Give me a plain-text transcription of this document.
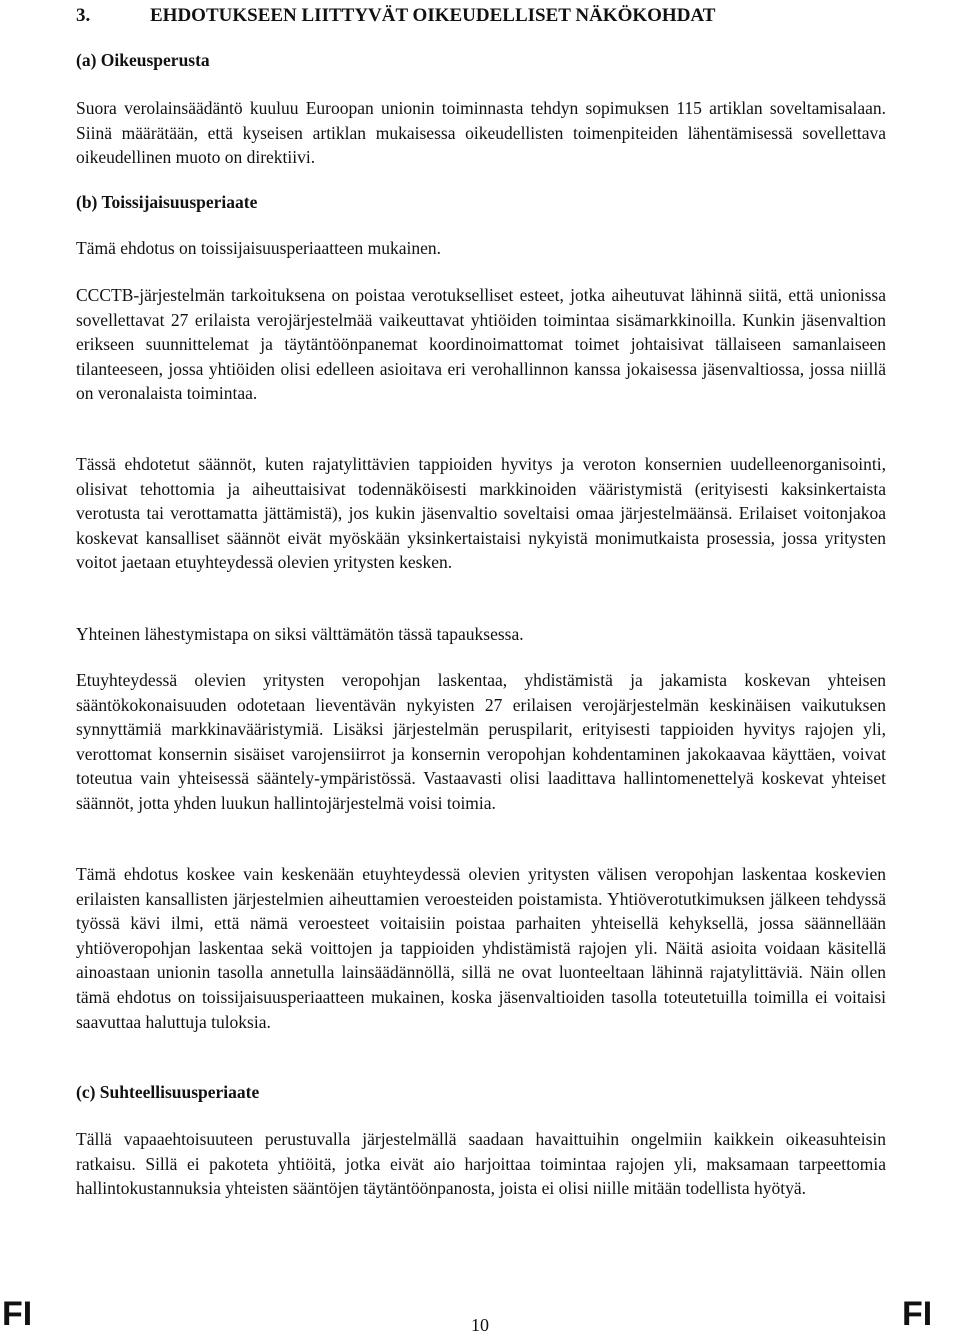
3.	EHDOTUKSEEN LIITTYVÄT OIKEUDELLISET NÄKÖKOHDAT
(a) Oikeusperusta
Suora verolainsäädäntö kuuluu Euroopan unionin toiminnasta tehdyn sopimuksen 115 artiklan soveltamisalaan. Siinä määrätään, että kyseisen artiklan mukaisessa oikeudellisten toimenpiteiden lähentämisessä sovellettava oikeudellinen muoto on direktiivi.
(b) Toissijaisuusperiaate
Tämä ehdotus on toissijaisuusperiaatteen mukainen.
CCCTB-järjestelmän tarkoituksena on poistaa verotukselliset esteet, jotka aiheutuvat lähinnä siitä, että unionissa sovellettavat 27 erilaista verojärjestelmää vaikeuttavat yhtiöiden toimintaa sisämarkkinoilla. Kunkin jäsenvaltion erikseen suunnittelemat ja täytäntöönpanemat koordinoimattomat toimet johtaisivat tällaiseen samanlaiseen tilanteeseen, jossa yhtiöiden olisi edelleen asioitava eri verohallinnon kanssa jokaisessa jäsenvaltiossa, jossa niillä on veronalaista toimintaa.
Tässä ehdotetut säännöt, kuten rajatylittävien tappioiden hyvitys ja veroton konsernien uudelleenorganisointi, olisivat tehottomia ja aiheuttaisivat todennäköisesti markkinoiden vääristymistä (erityisesti kaksinkertaista verotusta tai verottamatta jättämistä), jos kukin jäsenvaltio soveltaisi omaa järjestelmäänsä. Erilaiset voitonjakoa koskevat kansalliset säännöt eivät myöskään yksinkertaistaisi nykyistä monimutkaista prosessia, jossa yritysten voitot jaetaan etuyhteydessä olevien yritysten kesken.
Yhteinen lähestymistapa on siksi välttämätön tässä tapauksessa.
Etuyhteydessä olevien yritysten veropohjan laskentaa, yhdistämistä ja jakamista koskevan yhteisen sääntökokonaisuuden odotetaan lieventävän nykyisten 27 erilaisen verojärjestelmän keskinäisen vaikutuksen synnyttämiä markkinavääristymiä. Lisäksi järjestelmän peruspilarit, erityisesti tappioiden hyvitys rajojen yli, verottomat konsernin sisäiset varojensiirrot ja konsernin veropohjan kohdentaminen jakokaavaa käyttäen, voivat toteutua vain yhteisessä sääntely-ympäristössä. Vastaavasti olisi laadittava hallintomenettelyä koskevat yhteiset säännöt, jotta yhden luukun hallintojärjestelmä voisi toimia.
Tämä ehdotus koskee vain keskenään etuyhteydessä olevien yritysten välisen veropohjan laskentaa koskevien erilaisten kansallisten järjestelmien aiheuttamien veroesteiden poistamista. Yhtiöverotutkimuksen jälkeen tehdyssä työssä kävi ilmi, että nämä veroesteet voitaisiin poistaa parhaiten yhteisellä kehyksellä, jossa säännellään yhtiöveropohjan laskentaa sekä voittojen ja tappioiden yhdistämistä rajojen yli. Näitä asioita voidaan käsitellä ainoastaan unionin tasolla annetulla lainsäädännöllä, sillä ne ovat luonteeltaan lähinnä rajatylittäviä. Näin ollen tämä ehdotus on toissijaisuusperiaatteen mukainen, koska jäsenvaltioiden tasolla toteutetuilla toimilla ei voitaisi saavuttaa haluttuja tuloksia.
(c) Suhteellisuusperiaate
Tällä vapaaehtoisuuteen perustuvalla järjestelmällä saadaan havaittuihin ongelmiin kaikkein oikeasuhteisin ratkaisu. Sillä ei pakoteta yhtiöitä, jotka eivät aio harjoittaa toimintaa rajojen yli, maksamaan tarpeettomia hallintokustannuksia yhteisten sääntöjen täytäntöönpanosta, joista ei olisi niille mitään todellista hyötyä.
FI	10	FI
